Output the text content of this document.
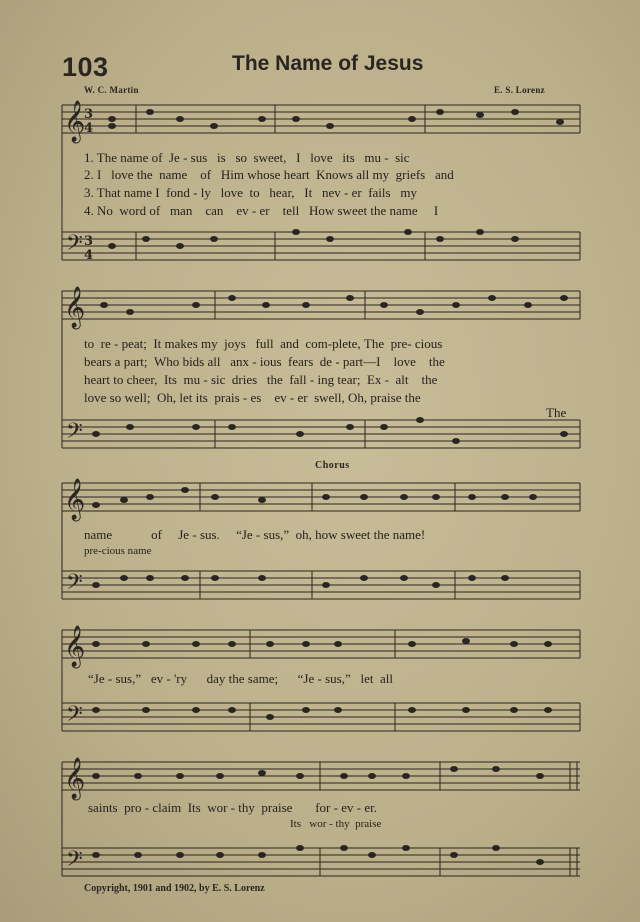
103	The Name of Jesus
W. C. Martin	E. S. Lorenz
𝄞
𝄢
𝄞
𝄢
𝄞
𝄢
𝄞
𝄢
𝄞
𝄢
3
4
3
4
1. The name of Je - sus is so sweet, I love its mu - sic
2. I love the name of Him whose heart Knows all my griefs and
3. That name I fond - ly love to hear, It nev - er fails my
4. No word of man can ev - er tell How sweet the name I
to re - peat; It makes my joys full and com-plete, The pre- cious
bears a part; Who bids all anx - ious fears de - part—I love the
heart to cheer, Its mu - sic dries the fall - ing tear; Ex - alt the
love so well; Oh, let its prais - es ev - er swell, Oh, praise the
The
Chorus
name	of Je - sus. “Je - sus,” oh, how sweet the name!
pre-cious name
“Je - sus,” ev - 'ry day the same; “Je - sus,” let all
saints pro - claim Its wor - thy praise for - ev - er.
Its wor - thy praise
Copyright, 1901 and 1902, by E. S. Lorenz
